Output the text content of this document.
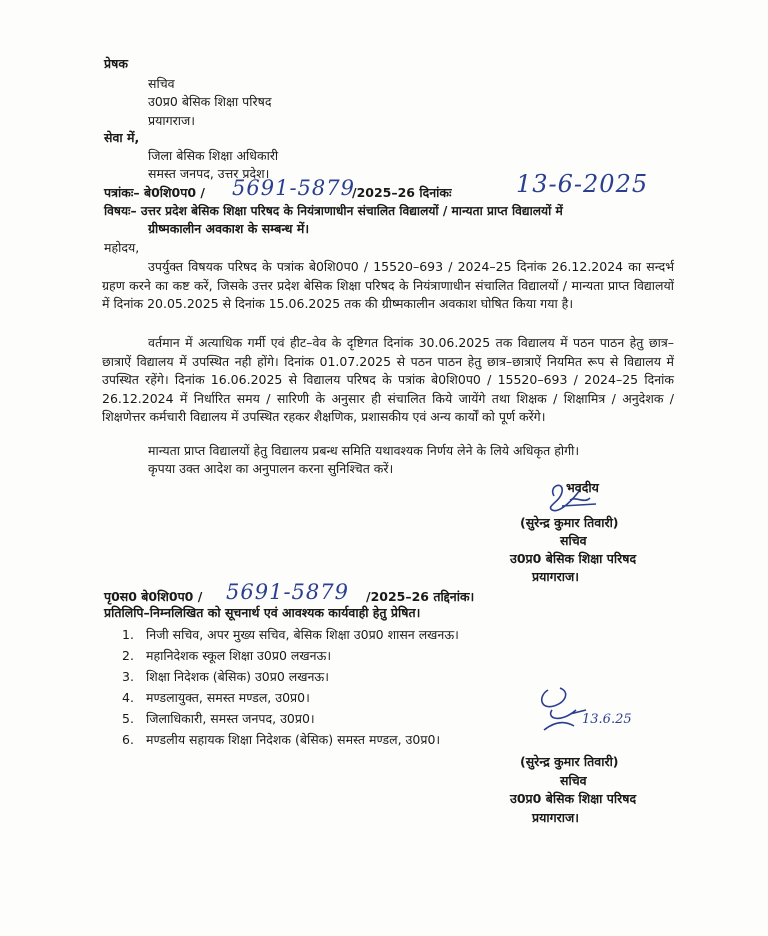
प्रेषक
सचिव
उ0प्र0 बेसिक शिक्षा परिषद
प्रयागराज।
सेवा में,
जिला बेसिक शिक्षा अधिकारी
समस्त जनपद, उत्तर प्रदेश।
पत्रांकः– बे0शि0प0 / 5691-5879
/2025–26 दिनांकः	13-6-2025
विषयः– उत्तर प्रदेश बेसिक शिक्षा परिषद के नियंत्राणाधीन संचालित विद्यालयों / मान्यता प्राप्त विद्यालयों में
ग्रीष्मकालीन अवकाश के सम्बन्ध में।
महोदय,

उपर्युक्त विषयक परिषद के पत्रांक बे0शि0प0 / 15520–693 / 2024–25 दिनांक 26.12.2024 का सन्दर्भ ग्रहण करने का कष्ट करें, जिसके उत्तर प्रदेश बेसिक शिक्षा परिषद के नियंत्राणाधीन संचालित विद्यालयों / मान्यता प्राप्त विद्यालयों में दिनांक 20.05.2025 से दिनांक 15.06.2025 तक की ग्रीष्मकालीन अवकाश घोषित किया गया है।

वर्तमान में अत्याधिक गर्मी एवं हीट–वेव के दृष्टिगत दिनांक 30.06.2025 तक विद्यालय में पठन पाठन हेतु छात्र–छात्राऐं विद्यालय में उपस्थित नही होंगे। दिनांक 01.07.2025 से पठन पाठन हेतु छात्र–छात्राऐं नियमित रूप से विद्यालय में उपस्थित रहेंगे। दिनांक 16.06.2025 से विद्यालय परिषद के पत्रांक बे0शि0प0 / 15520–693 / 2024–25 दिनांक 26.12.2024 में निर्धारित समय / सारिणी के अनुसार ही संचालित किये जायेंगे तथा शिक्षक / शिक्षामित्र / अनुदेशक / शिक्षणेत्तर कर्मचारी विद्यालय में उपस्थित रहकर शैक्षणिक, प्रशासकीय एवं अन्य कार्यों को पूर्ण करेंगे।

मान्यता प्राप्त विद्यालयों हेतु विद्यालय प्रबन्ध समिति यथावश्यक निर्णय लेने के लिये अधिकृत होगी।

कृपया उक्त आदेश का अनुपालन करना सुनिश्चित करें।

भवदीय
(सुरेन्द्र कुमार तिवारी)
सचिव
उ0प्र0 बेसिक शिक्षा परिषद
प्रयागराज।
पृ0स0 बे0शि0प0 / 5691-5879 /2025–26 तद्दिनांक।
प्रतिलिपि–निम्नलिखित को सूचनार्थ एवं आवश्यक कार्यवाही हेतु प्रेषित।
1. निजी सचिव, अपर मुख्य सचिव, बेसिक शिक्षा उ0प्र0 शासन लखनऊ।
2. महानिदेशक स्कूल शिक्षा उ0प्र0 लखनऊ।
3. शिक्षा निदेशक (बेसिक) उ0प्र0 लखनऊ।
4. मण्डलायुक्त, समस्त मण्डल, उ0प्र0।
5. जिलाधिकारी, समस्त जनपद, उ0प्र0।
6. मण्डलीय सहायक शिक्षा निदेशक (बेसिक) समस्त मण्डल, उ0प्र0।
13.6.25
(सुरेन्द्र कुमार तिवारी)
सचिव
उ0प्र0 बेसिक शिक्षा परिषद
प्रयागराज।
